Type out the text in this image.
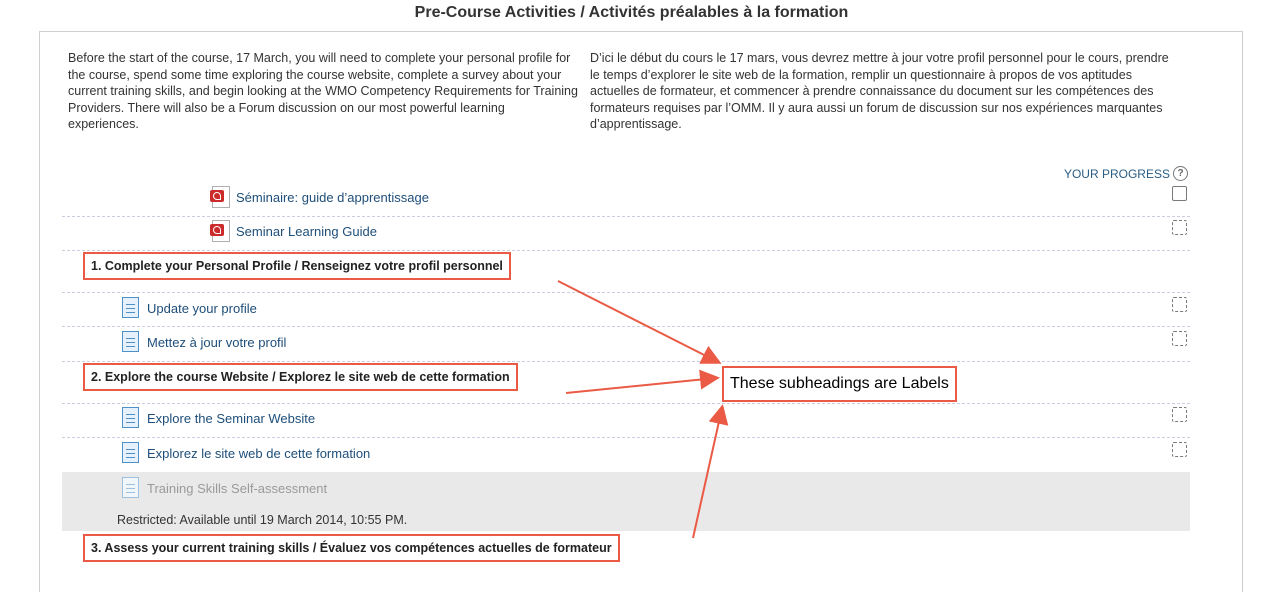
Pre-Course Activities / Activités préalables à la formation
Before the start of the course, 17 March, you will need to complete your personal profile for the course, spend some time exploring the course website, complete a survey about your current training skills, and begin looking at the WMO Competency Requirements for Training Providers. There will also be a Forum discussion on our most powerful learning experiences.
D’ici le début du cours le 17 mars, vous devrez mettre à jour votre profil personnel pour le cours, prendre le temps d’explorer le site web de la formation, remplir un questionnaire à propos de vos aptitudes actuelles de formateur, et commencer à prendre connaissance du document sur les compétences des formateurs requises par l’OMM. Il y aura aussi un forum de discussion sur nos expériences marquantes d’apprentissage.
YOUR PROGRESS ?
Séminaire: guide d’apprentissage
Seminar Learning Guide
1. Complete your Personal Profile / Renseignez votre profil personnel
Update your profile
Mettez à jour votre profil
2. Explore the course Website / Explorez le site web de cette formation
Explore the Seminar Website
Explorez le site web de cette formation
Training Skills Self-assessment
Restricted: Available until 19 March 2014, 10:55 PM.
3. Assess your current training skills / Évaluez vos compétences actuelles de formateur
These subheadings are Labels
